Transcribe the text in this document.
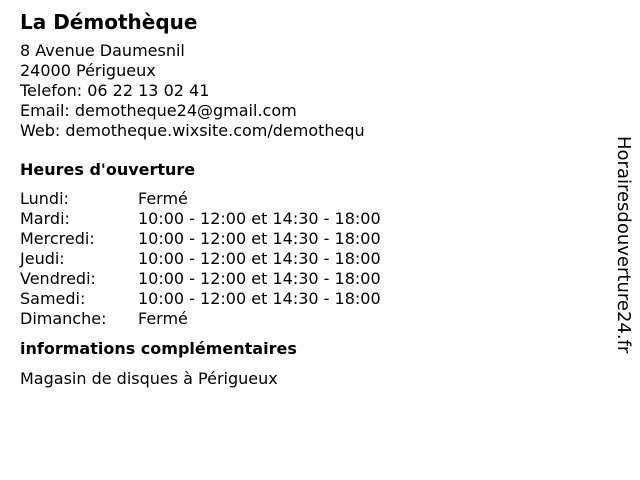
La Démothèque
8 Avenue Daumesnil
24000 Périgueux
Telefon: 06 22 13 02 41
Email: demotheque24@gmail.com
Web: demotheque.wixsite.com/demothequ
Heures d'ouverture
Lundi:	Fermé
Mardi:	10:00 - 12:00 et 14:30 - 18:00
Mercredi:	10:00 - 12:00 et 14:30 - 18:00
Jeudi:	10:00 - 12:00 et 14:30 - 18:00
Vendredi:	10:00 - 12:00 et 14:30 - 18:00
Samedi:	10:00 - 12:00 et 14:30 - 18:00
Dimanche:	Fermé
informations complémentaires
Magasin de disques à Périgueux
Horairesdouverture24.fr
